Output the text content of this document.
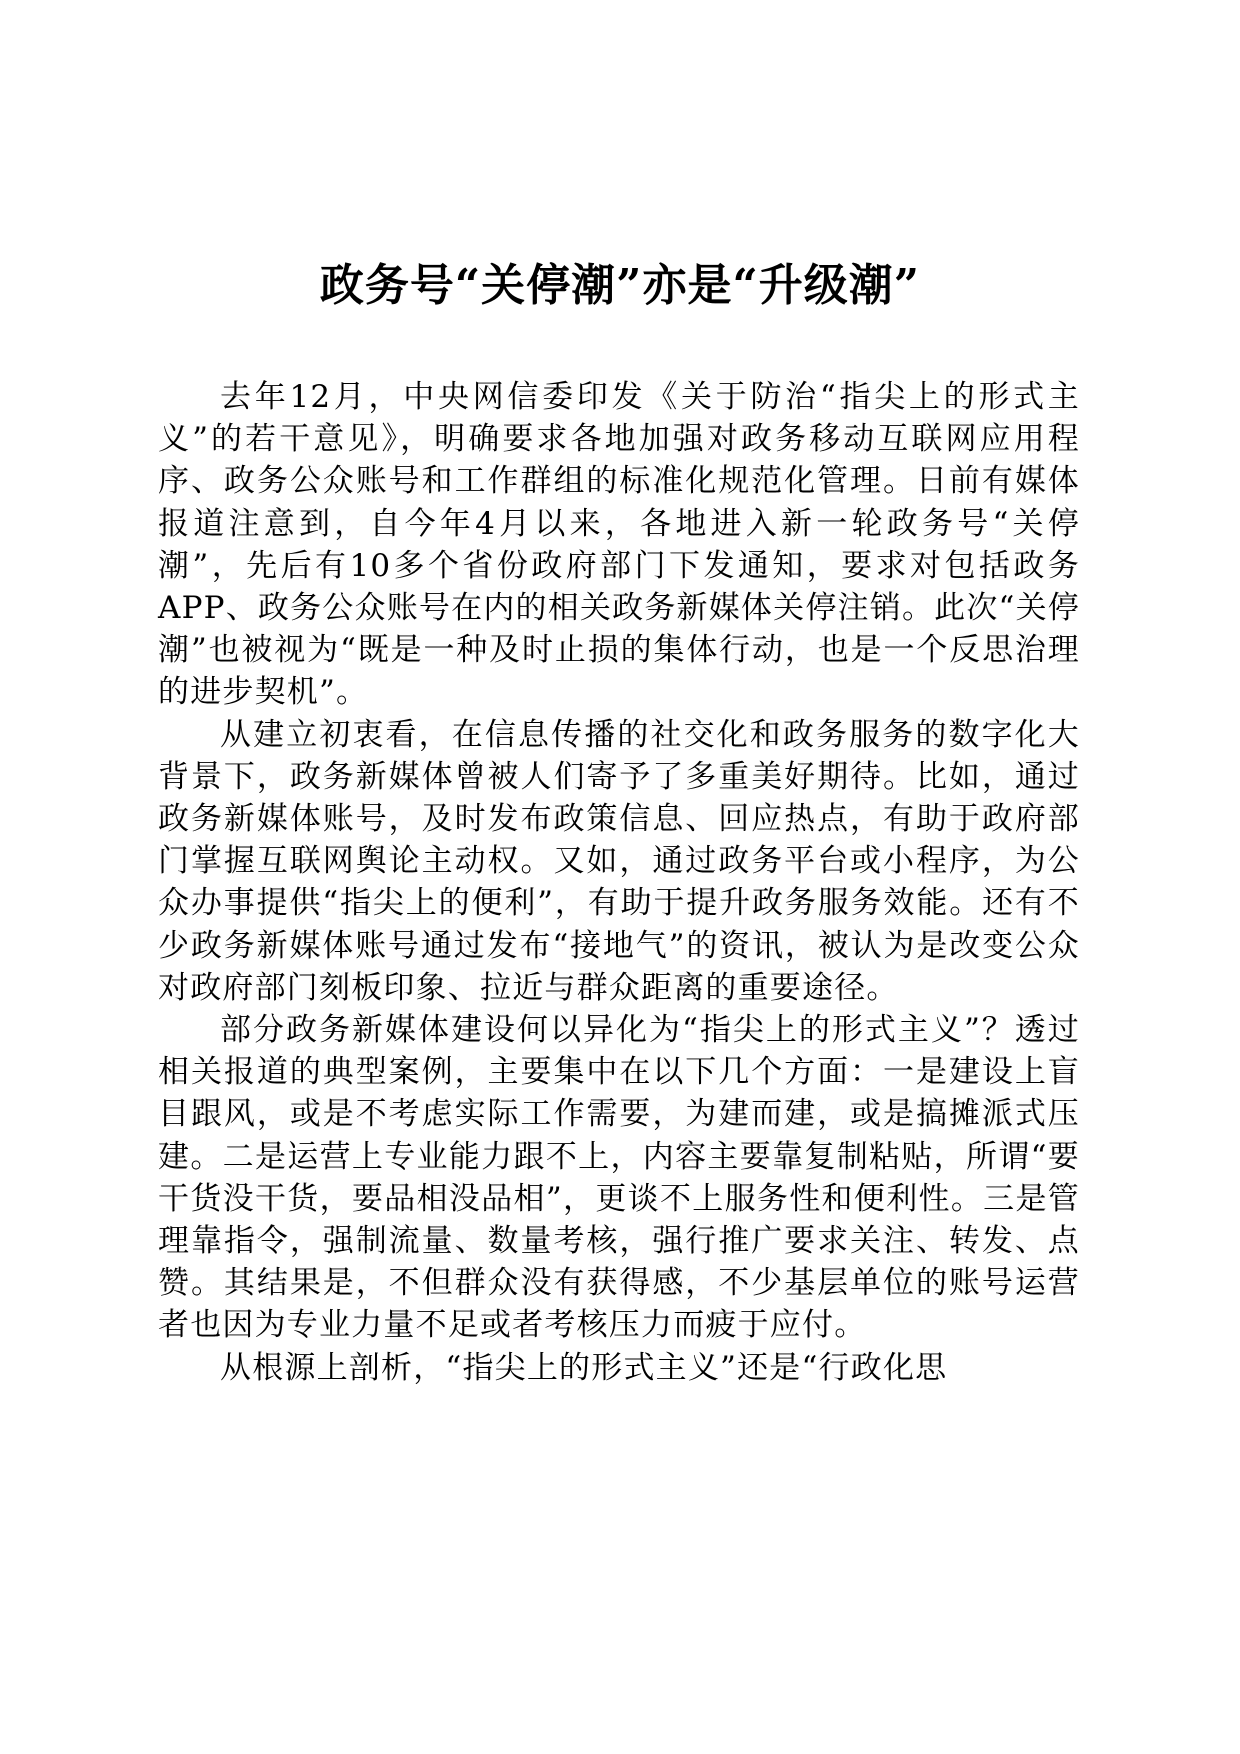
政务号“关停潮”亦是“升级潮”

去年12月，中央网信委印发《关于防治“指尖上的形式主义”的若干意见》，明确要求各地加强对政务移动互联网应用程序、政务公众账号和工作群组的标准化规范化管理。日前有媒体报道注意到，自今年4月以来，各地进入新一轮政务号“关停潮”，先后有10多个省份政府部门下发通知，要求对包括政务APP、政务公众账号在内的相关政务新媒体关停注销。此次“关停潮”也被视为“既是一种及时止损的集体行动，也是一个反思治理的进步契机”。

从建立初衷看，在信息传播的社交化和政务服务的数字化大背景下，政务新媒体曾被人们寄予了多重美好期待。比如，通过政务新媒体账号，及时发布政策信息、回应热点，有助于政府部门掌握互联网舆论主动权。又如，通过政务平台或小程序，为公众办事提供“指尖上的便利”，有助于提升政务服务效能。还有不少政务新媒体账号通过发布“接地气”的资讯，被认为是改变公众对政府部门刻板印象、拉近与群众距离的重要途径。

部分政务新媒体建设何以异化为“指尖上的形式主义”？透过相关报道的典型案例，主要集中在以下几个方面：一是建设上盲目跟风，或是不考虑实际工作需要，为建而建，或是搞摊派式压建。二是运营上专业能力跟不上，内容主要靠复制粘贴，所谓“要干货没干货，要品相没品相”，更谈不上服务性和便利性。三是管理靠指令，强制流量、数量考核，强行推广要求关注、转发、点赞。其结果是，不但群众没有获得感，不少基层单位的账号运营者也因为专业力量不足或者考核压力而疲于应付。

从根源上剖析，“指尖上的形式主义”还是“行政化思
